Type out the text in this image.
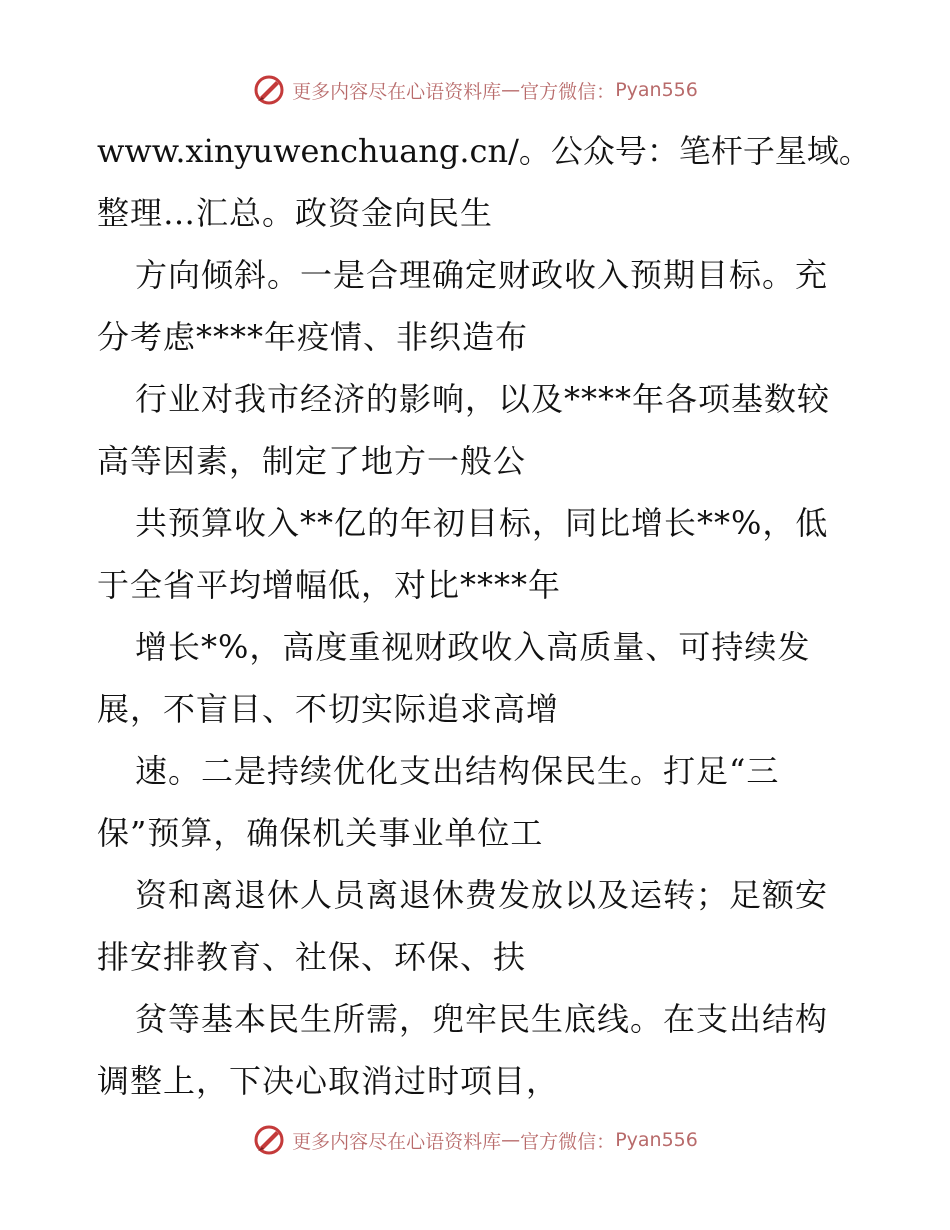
更多内容尽在心语资料库 — 官方微信： Pyan556
www.xinyuwenchuang.cn/。公众号：笔杆子星域。
整理…汇总。政资金向民生
方向倾斜。一是合理确定财政收入预期目标。充
分考虑****年疫情、非织造布
行业对我市经济的影响，以及****年各项基数较
高等因素，制定了地方一般公
共预算收入**亿的年初目标，同比增长**%，低
于全省平均增幅低，对比****年
增长*%，高度重视财政收入高质量、可持续发
展，不盲目、不切实际追求高增
速。二是持续优化支出结构保民生。打足“三
保”预算，确保机关事业单位工
资和离退休人员离退休费发放以及运转；足额安
排安排教育、社保、环保、扶
贫等基本民生所需，兜牢民生底线。在支出结构
调整上，下决心取消过时项目，
更多内容尽在心语资料库 — 官方微信： Pyan556
